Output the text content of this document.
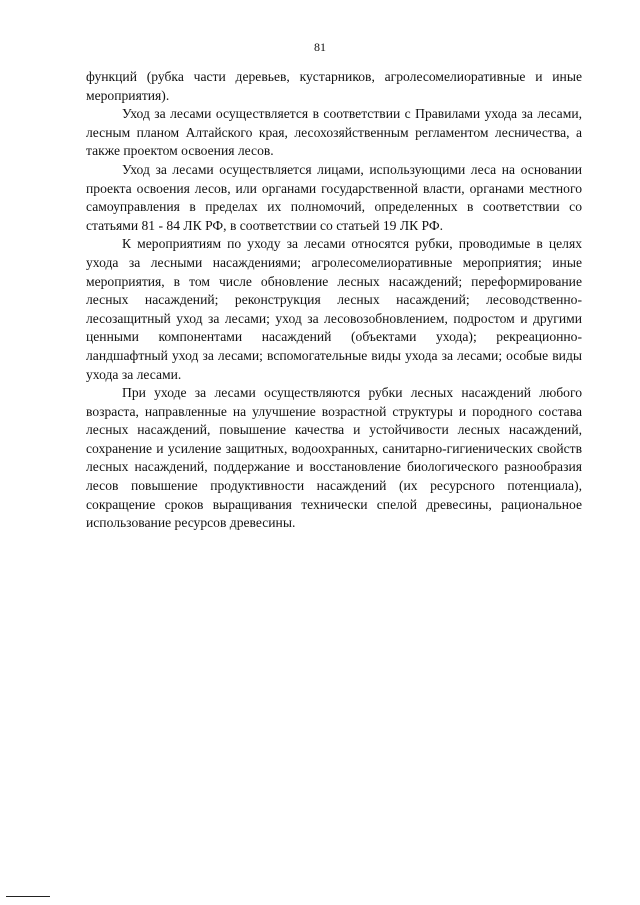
81

функций (рубка части деревьев, кустарников, агролесомелиоративные и иные мероприятия).

Уход за лесами осуществляется в соответствии с Правилами ухода за лесами, лесным планом Алтайского края, лесохозяйственным регламентом лесничества, а также проектом освоения лесов.

Уход за лесами осуществляется лицами, использующими леса на основании проекта освоения лесов, или органами государственной власти, органами местного самоуправления в пределах их полномочий, определенных в соответствии со статьями 81 - 84 ЛК РФ, в соответствии со статьей 19 ЛК РФ.

К мероприятиям по уходу за лесами относятся рубки, проводимые в целях ухода за лесными насаждениями; агролесомелиоративные мероприятия; иные мероприятия, в том числе обновление лесных насаждений; переформирование лесных насаждений; реконструкция лесных насаждений; лесоводственно-лесозащитный уход за лесами; уход за лесовозобновлением, подростом и другими ценными компонентами насаждений (объектами ухода); рекреационно-ландшафтный уход за лесами; вспомогательные виды ухода за лесами; особые виды ухода за лесами.

При уходе за лесами осуществляются рубки лесных насаждений любого возраста, направленные на улучшение возрастной структуры и породного состава лесных насаждений, повышение качества и устойчивости лесных насаждений, сохранение и усиление защитных, водоохранных, санитарно-гигиенических свойств лесных насаждений, поддержание и восстановление биологического разнообразия лесов повышение продуктивности насаждений (их ресурсного потенциала), сокращение сроков выращивания технически спелой древесины, рациональное использование ресурсов древесины.
